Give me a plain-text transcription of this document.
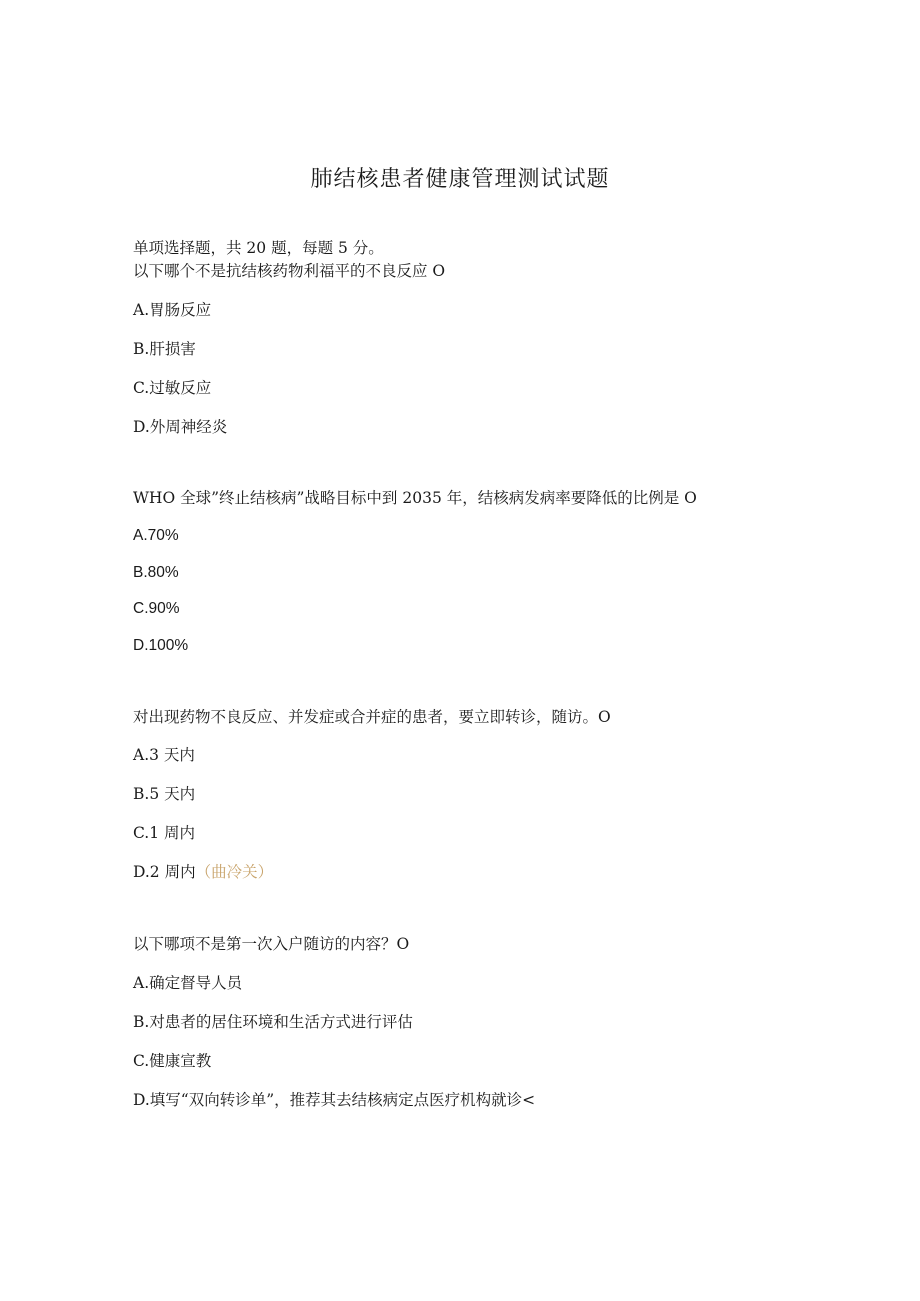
肺结核患者健康管理测试试题
单项选择题，共 20 题，每题 5 分。
以下哪个不是抗结核药物利福平的不良反应 O
A.胃肠反应
B.肝损害
C.过敏反应
D.外周神经炎
WHO 全球”终止结核病”战略目标中到 2035 年，结核病发病率要降低的比例是 O
A.70%
B.80%
C.90%
D.100%
对出现药物不良反应、并发症或合并症的患者，要立即转诊，随访。O
A.3 天内
B.5 天内
C.1 周内
D.2 周内（曲冷关）
以下哪项不是第一次入户随访的内容？O
A.确定督导人员
B.对患者的居住环境和生活方式进行评估
C.健康宣教
D.填写“双向转诊单”，推荐其去结核病定点医疗机构就诊<
